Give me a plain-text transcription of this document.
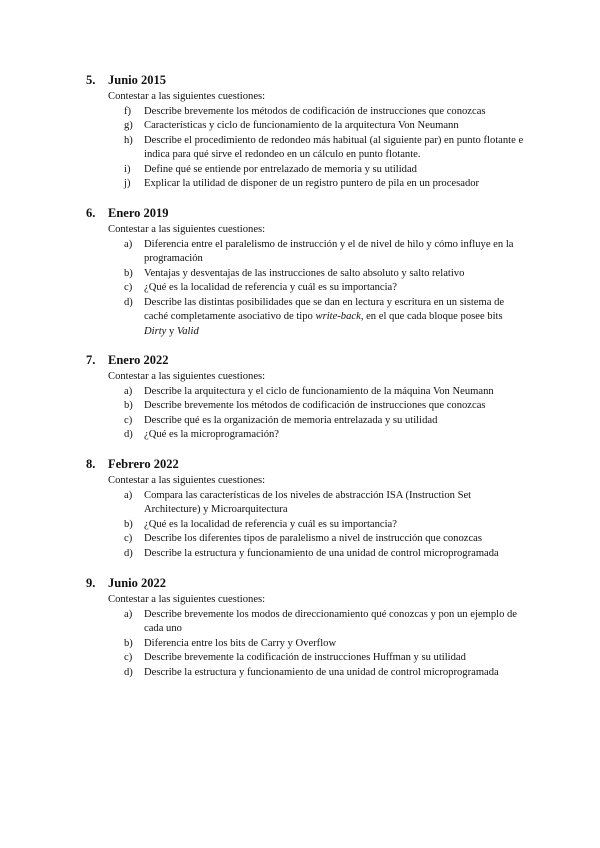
5. Junio 2015
Contestar a las siguientes cuestiones:
f) Describe brevemente los métodos de codificación de instrucciones que conozcas
g) Características y ciclo de funcionamiento de la arquitectura Von Neumann
h) Describe el procedimiento de redondeo más habitual (al siguiente par) en punto flotante e indica para qué sirve el redondeo en un cálculo en punto flotante.
i) Define qué se entiende por entrelazado de memoria y su utilidad
j) Explicar la utilidad de disponer de un registro puntero de pila en un procesador
6. Enero 2019
Contestar a las siguientes cuestiones:
a) Diferencia entre el paralelismo de instrucción y el de nivel de hilo y cómo influye en la programación
b) Ventajas y desventajas de las instrucciones de salto absoluto y salto relativo
c) ¿Qué es la localidad de referencia y cuál es su importancia?
d) Describe las distintas posibilidades que se dan en lectura y escritura en un sistema de caché completamente asociativo de tipo write-back, en el que cada bloque posee bits Dirty y Valid
7. Enero 2022
Contestar a las siguientes cuestiones:
a) Describe la arquitectura y el ciclo de funcionamiento de la máquina Von Neumann
b) Describe brevemente los métodos de codificación de instrucciones que conozcas
c) Describe qué es la organización de memoria entrelazada y su utilidad
d) ¿Qué es la microprogramación?
8. Febrero 2022
Contestar a las siguientes cuestiones:
a) Compara las características de los niveles de abstracción ISA (Instruction Set Architecture) y Microarquitectura
b) ¿Qué es la localidad de referencia y cuál es su importancia?
c) Describe los diferentes tipos de paralelismo a nivel de instrucción que conozcas
d) Describe la estructura y funcionamiento de una unidad de control microprogramada
9. Junio 2022
Contestar a las siguientes cuestiones:
a) Describe brevemente los modos de direccionamiento qué conozcas y pon un ejemplo de cada uno
b) Diferencia entre los bits de Carry y Overflow
c) Describe brevemente la codificación de instrucciones Huffman y su utilidad
d) Describe la estructura y funcionamiento de una unidad de control microprogramada
